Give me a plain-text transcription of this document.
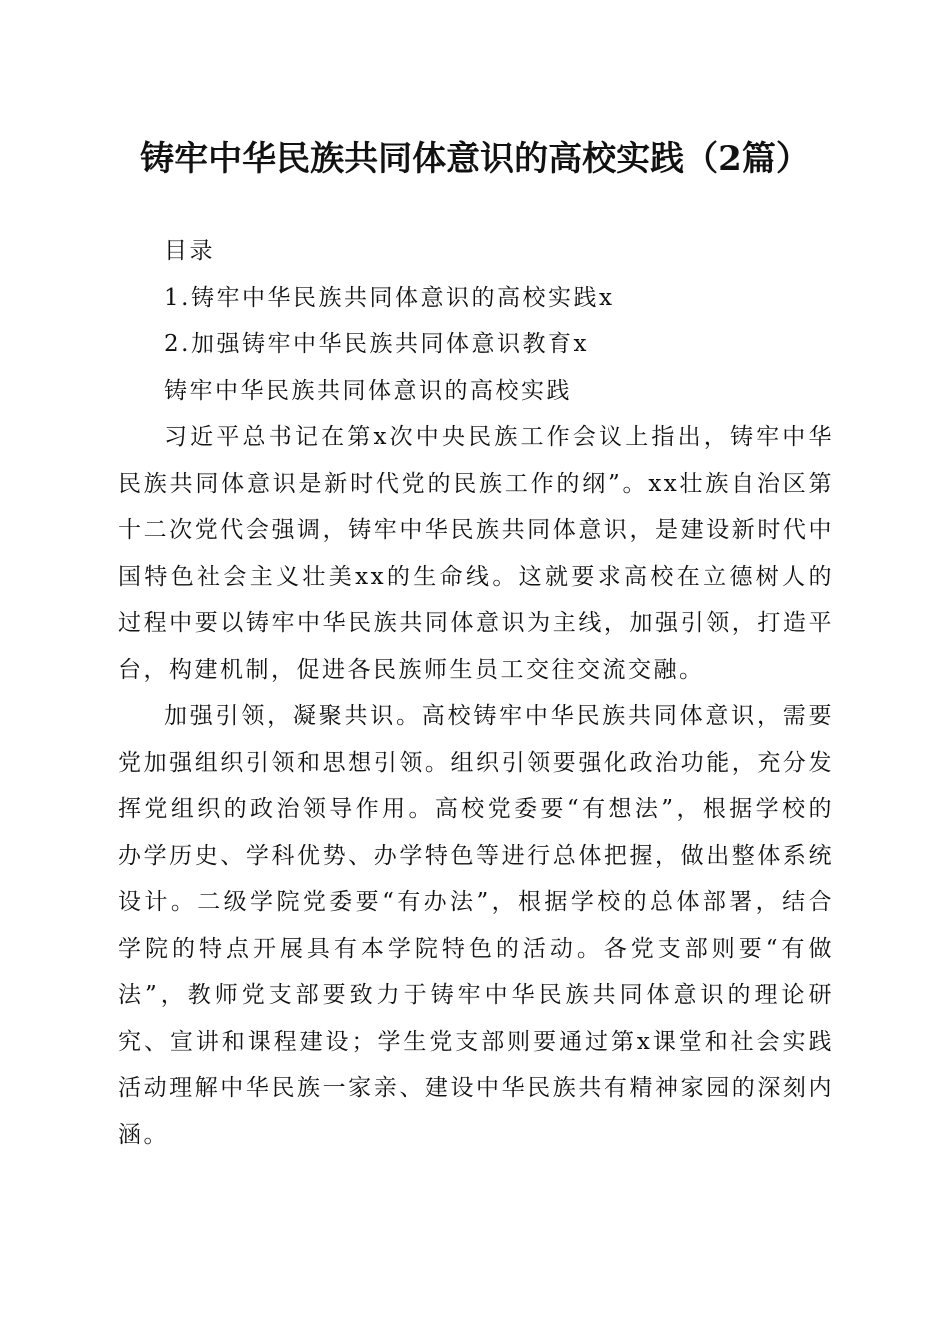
铸牢中华民族共同体意识的高校实践（2篇）

目录

1.铸牢中华民族共同体意识的高校实践x

2.加强铸牢中华民族共同体意识教育x

铸牢中华民族共同体意识的高校实践

习近平总书记在第x次中央民族工作会议上指出，铸牢中华民族共同体意识是新时代党的民族工作的纲”。xx壮族自治区第十二次党代会强调，铸牢中华民族共同体意识，是建设新时代中国特色社会主义壮美xx的生命线。这就要求高校在立德树人的过程中要以铸牢中华民族共同体意识为主线，加强引领，打造平台，构建机制，促进各民族师生员工交往交流交融。

加强引领，凝聚共识。高校铸牢中华民族共同体意识，需要党加强组织引领和思想引领。组织引领要强化政治功能，充分发挥党组织的政治领导作用。高校党委要“有想法”，根据学校的办学历史、学科优势、办学特色等进行总体把握，做出整体系统设计。二级学院党委要“有办法”，根据学校的总体部署，结合学院的特点开展具有本学院特色的活动。各党支部则要“有做法”，教师党支部要致力于铸牢中华民族共同体意识的理论研究、宣讲和课程建设；学生党支部则要通过第x课堂和社会实践活动理解中华民族一家亲、建设中华民族共有精神家园的深刻内涵。
